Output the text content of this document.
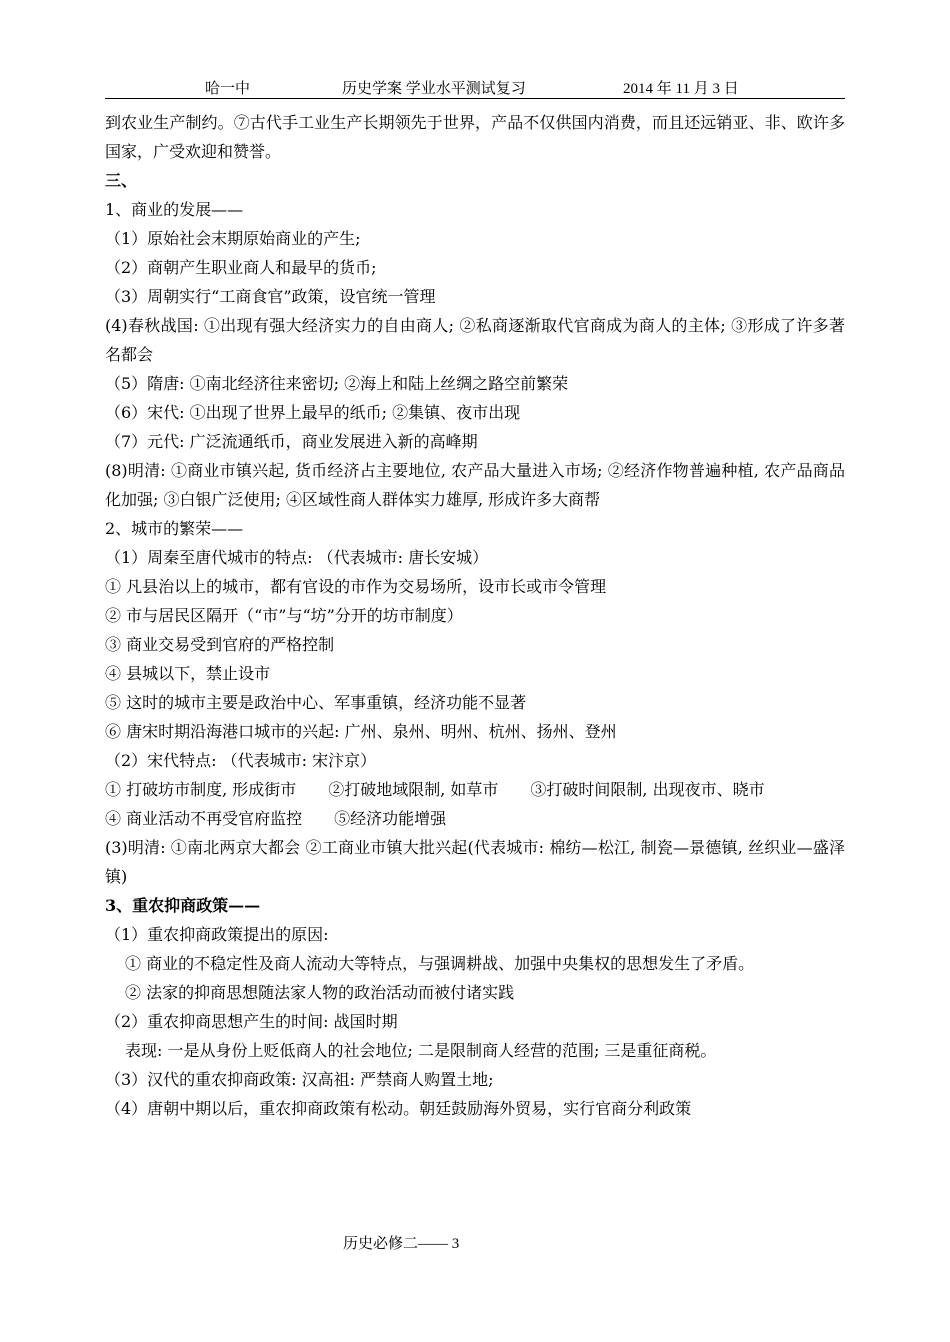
哈一中	历史学案 学业水平测试复习	2014 年 11 月 3 日

到农业生产制约。⑦古代手工业生产长期领先于世界，产品不仅供国内消费，而且还远销亚、非、欧许多国家，广受欢迎和赞誉。

三、

1、商业的发展——

（1）原始社会末期原始商业的产生;

（2）商朝产生职业商人和最早的货币;

（3）周朝实行“工商食官”政策，设官统一管理

(4)春秋战国: ①出现有强大经济实力的自由商人; ②私商逐渐取代官商成为商人的主体; ③形成了许多著名都会

（5）隋唐: ①南北经济往来密切; ②海上和陆上丝绸之路空前繁荣

（6）宋代: ①出现了世界上最早的纸币; ②集镇、夜市出现

（7）元代: 广泛流通纸币，商业发展进入新的高峰期

(8)明清: ①商业市镇兴起, 货币经济占主要地位, 农产品大量进入市场; ②经济作物普遍种植, 农产品商品化加强; ③白银广泛使用; ④区域性商人群体实力雄厚, 形成许多大商帮

2、城市的繁荣——

（1）周秦至唐代城市的特点: （代表城市: 唐长安城）

① 凡县治以上的城市，都有官设的市作为交易场所，设市长或市令管理

② 市与居民区隔开（“市”与“坊”分开的坊市制度）

③ 商业交易受到官府的严格控制

④ 县城以下，禁止设市

⑤ 这时的城市主要是政治中心、军事重镇，经济功能不显著

⑥ 唐宋时期沿海港口城市的兴起: 广州、泉州、明州、杭州、扬州、登州

（2）宋代特点: （代表城市: 宋汴京）

① 打破坊市制度, 形成街市　　②打破地域限制, 如草市　　③打破时间限制, 出现夜市、晓市

④ 商业活动不再受官府监控　　⑤经济功能增强

(3)明清: ①南北两京大都会 ②工商业市镇大批兴起(代表城市: 棉纺—松江, 制瓷—景德镇, 丝织业—盛泽镇)

3、重农抑商政策——

（1）重农抑商政策提出的原因:

① 商业的不稳定性及商人流动大等特点，与强调耕战、加强中央集权的思想发生了矛盾。

② 法家的抑商思想随法家人物的政治活动而被付诸实践

（2）重农抑商思想产生的时间: 战国时期

表现: 一是从身份上贬低商人的社会地位; 二是限制商人经营的范围; 三是重征商税。

（3）汉代的重农抑商政策: 汉高祖: 严禁商人购置土地;

（4）唐朝中期以后，重农抑商政策有松动。朝廷鼓励海外贸易，实行官商分利政策

历史必修二—— 3
